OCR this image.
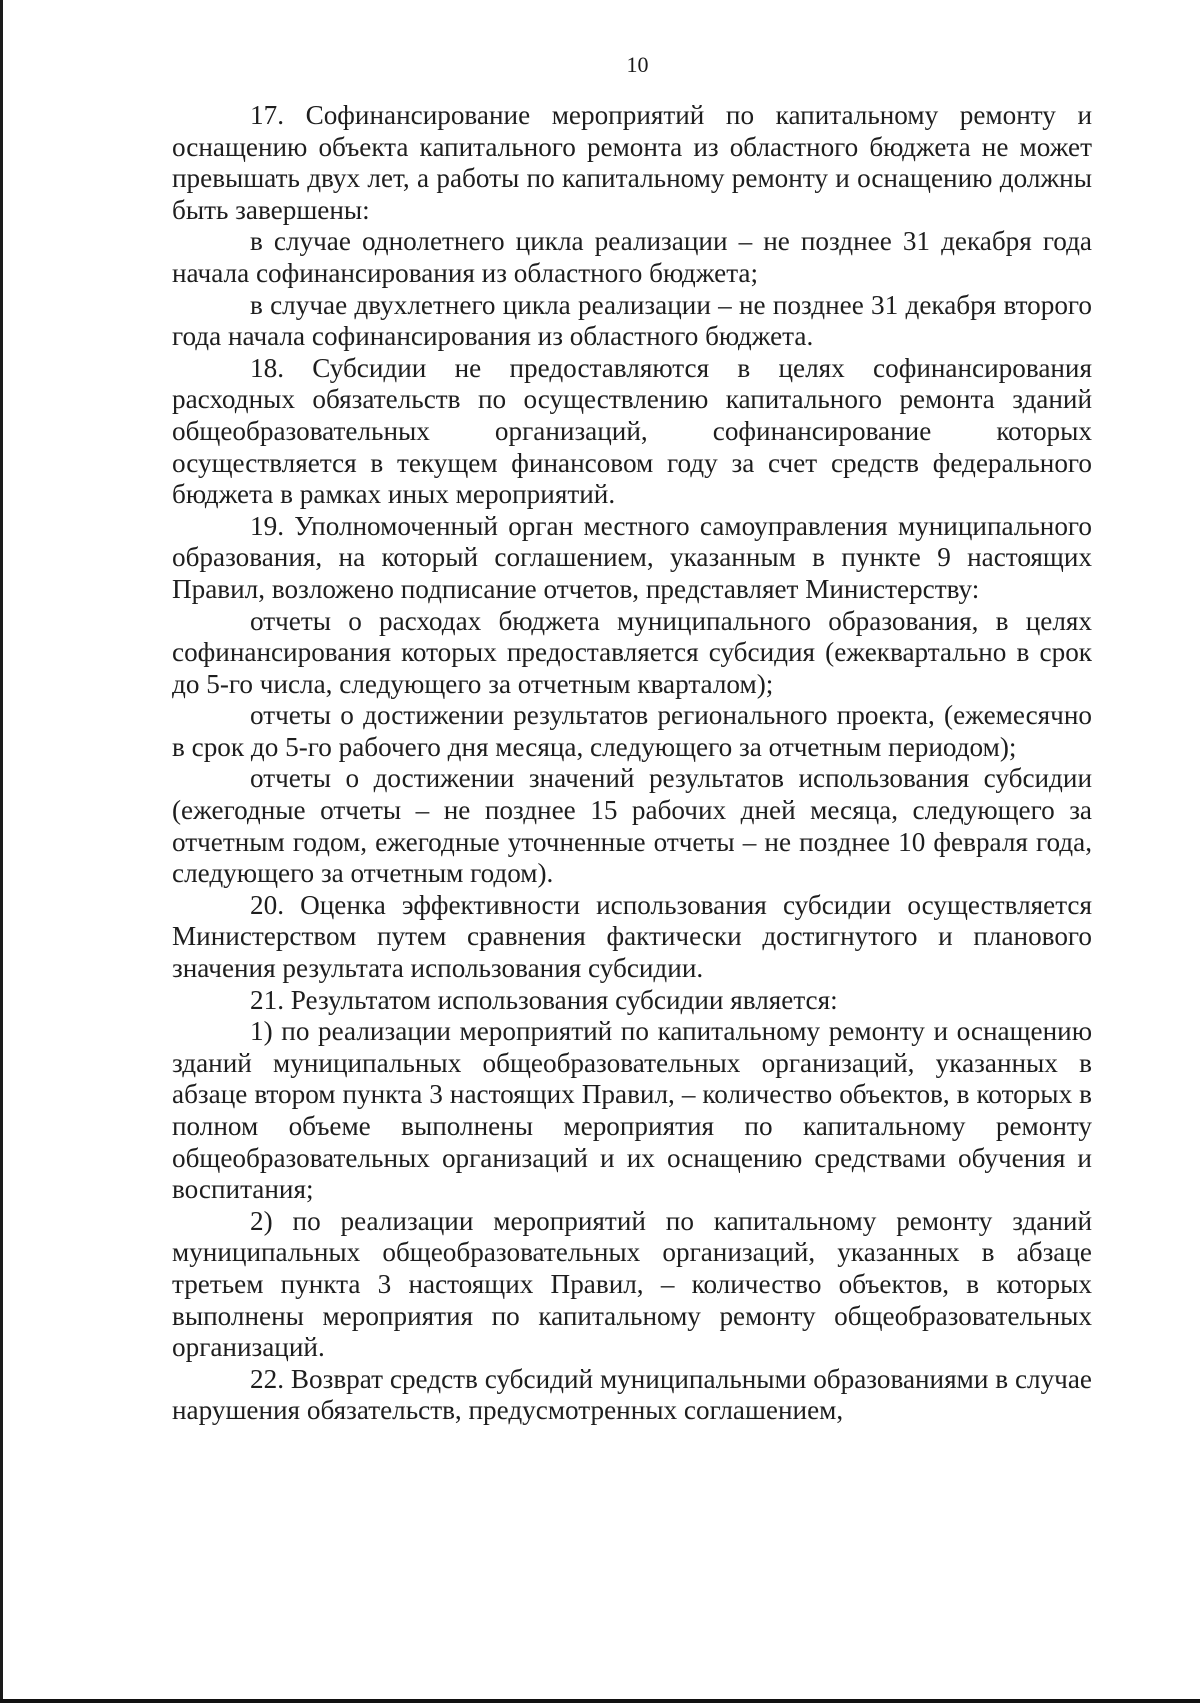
10

17. Софинансирование мероприятий по капитальному ремонту и оснащению объекта капитального ремонта из областного бюджета не может превышать двух лет, а работы по капитальному ремонту и оснащению должны быть завершены:

в случае однолетнего цикла реализации – не позднее 31 декабря года начала софинансирования из областного бюджета;

в случае двухлетнего цикла реализации – не позднее 31 декабря второго года начала софинансирования из областного бюджета.

18. Субсидии не предоставляются в целях софинансирования расходных обязательств по осуществлению капитального ремонта зданий общеобразовательных организаций, софинансирование которых осуществляется в текущем финансовом году за счет средств федерального бюджета в рамках иных мероприятий.

19. Уполномоченный орган местного самоуправления муниципального образования, на который соглашением, указанным в пункте 9 настоящих Правил, возложено подписание отчетов, представляет Министерству:

отчеты о расходах бюджета муниципального образования, в целях софинансирования которых предоставляется субсидия (ежеквартально в срок до 5-го числа, следующего за отчетным кварталом);

отчеты о достижении результатов регионального проекта, (ежемесячно в срок до 5-го рабочего дня месяца, следующего за отчетным периодом);

отчеты о достижении значений результатов использования субсидии (ежегодные отчеты – не позднее 15 рабочих дней месяца, следующего за отчетным годом, ежегодные уточненные отчеты – не позднее 10 февраля года, следующего за отчетным годом).

20. Оценка эффективности использования субсидии осуществляется Министерством путем сравнения фактически достигнутого и планового значения результата использования субсидии.

21. Результатом использования субсидии является:

1) по реализации мероприятий по капитальному ремонту и оснащению зданий муниципальных общеобразовательных организаций, указанных в абзаце втором пункта 3 настоящих Правил, – количество объектов, в которых в полном объеме выполнены мероприятия по капитальному ремонту общеобразовательных организаций и их оснащению средствами обучения и воспитания;

2) по реализации мероприятий по капитальному ремонту зданий муниципальных общеобразовательных организаций, указанных в абзаце третьем пункта 3 настоящих Правил, – количество объектов, в которых выполнены мероприятия по капитальному ремонту общеобразовательных организаций.

22. Возврат средств субсидий муниципальными образованиями в случае нарушения обязательств, предусмотренных соглашением,
